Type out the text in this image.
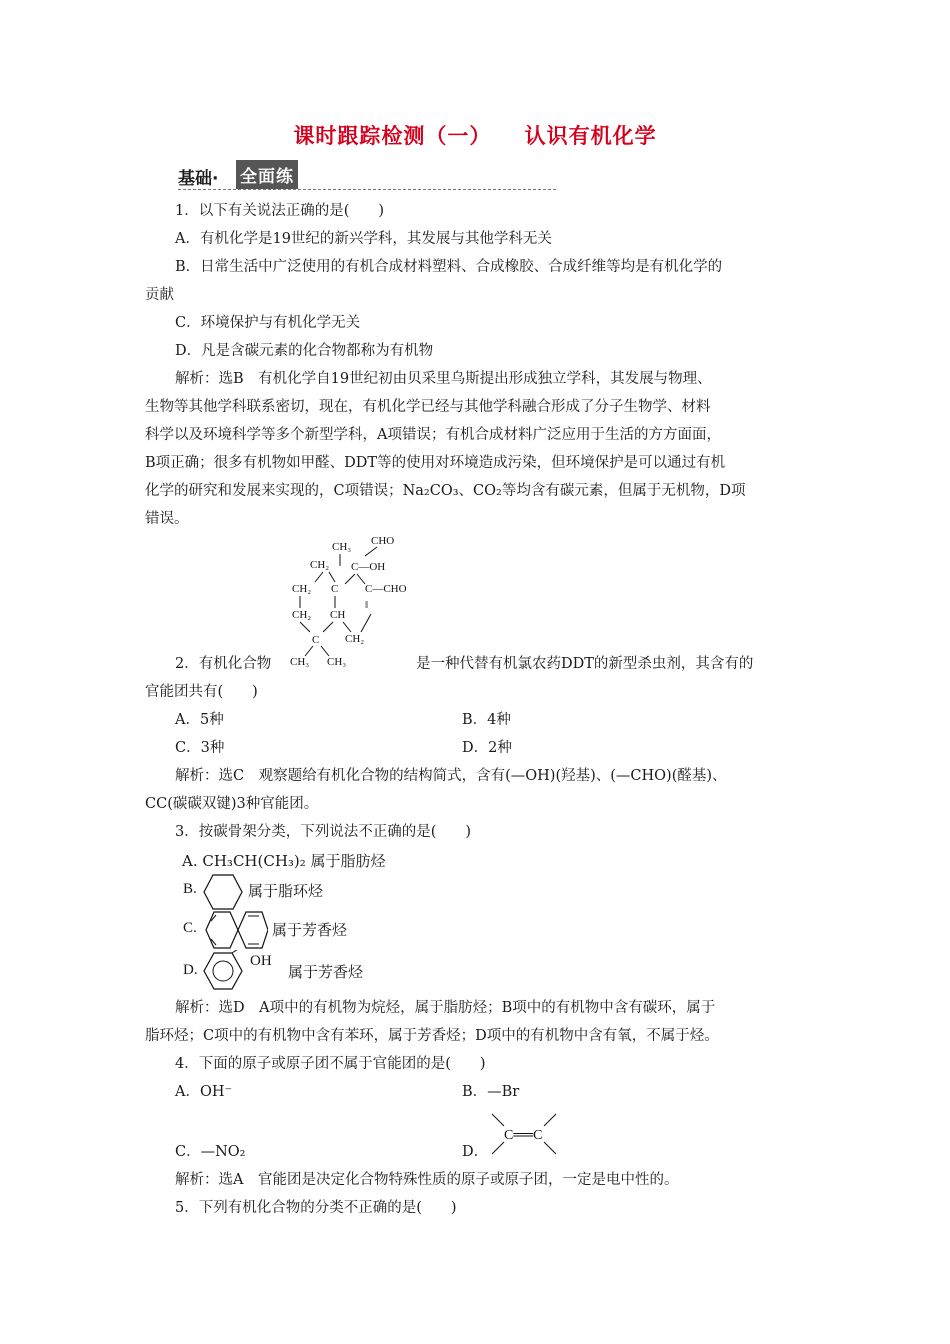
课时跟踪检测（一）    认识有机化学
基础· 全面练
1．以下有关说法正确的是(　　)
A．有机化学是19世纪的新兴学科，其发展与其他学科无关
B．日常生活中广泛使用的有机合成材料塑料、合成橡胶、合成纤维等均是有机化学的
贡献
C．环境保护与有机化学无关
D．凡是含碳元素的化合物都称为有机物
解析：选B　有机化学自19世纪初由贝采里乌斯提出形成独立学科，其发展与物理、
生物等其他学科联系密切，现在，有机化学已经与其他学科融合形成了分子生物学、材料
科学以及环境科学等多个新型学科，A项错误；有机合成材料广泛应用于生活的方方面面，
B项正确；很多有机物如甲醛、DDT等的使用对环境造成污染，但环境保护是可以通过有机
化学的研究和发展来实现的，C项错误；Na₂CO₃、CO₂等均含有碳元素，但属于无机物，D项
错误。
CH₃ CHO
CH₂ C—OH
CH₂ C C—CHO
‖
CH₂ CH
CH₂
C
CH₃ CH₃
2．有机化合物	是一种代替有机氯农药DDT的新型杀虫剂，其含有的
官能团共有(　　)
A．5种	B．4种
C．3种	D．2种
解析：选C　观察题给有机化合物的结构简式，含有(—OH)(羟基)、(—CHO)(醛基)、
CC(碳碳双键)3种官能团。
3．按碳骨架分类，下列说法不正确的是(　　)
A. CH₃CH(CH₃)₂ 属于脂肪烃
B.	属于脂环烃
C.	属于芳香烃
D.
OH
属于芳香烃
解析：选D　A项中的有机物为烷烃，属于脂肪烃；B项中的有机物中含有碳环，属于
脂环烃；C项中的有机物中含有苯环，属于芳香烃；D项中的有机物中含有氧，不属于烃。
4．下面的原子或原子团不属于官能团的是(　　)
A．OH⁻	B．—Br
C．—NO₂	D．
C══C
解析：选A　官能团是决定化合物特殊性质的原子或原子团，一定是电中性的。
5．下列有机化合物的分类不正确的是(　　)
